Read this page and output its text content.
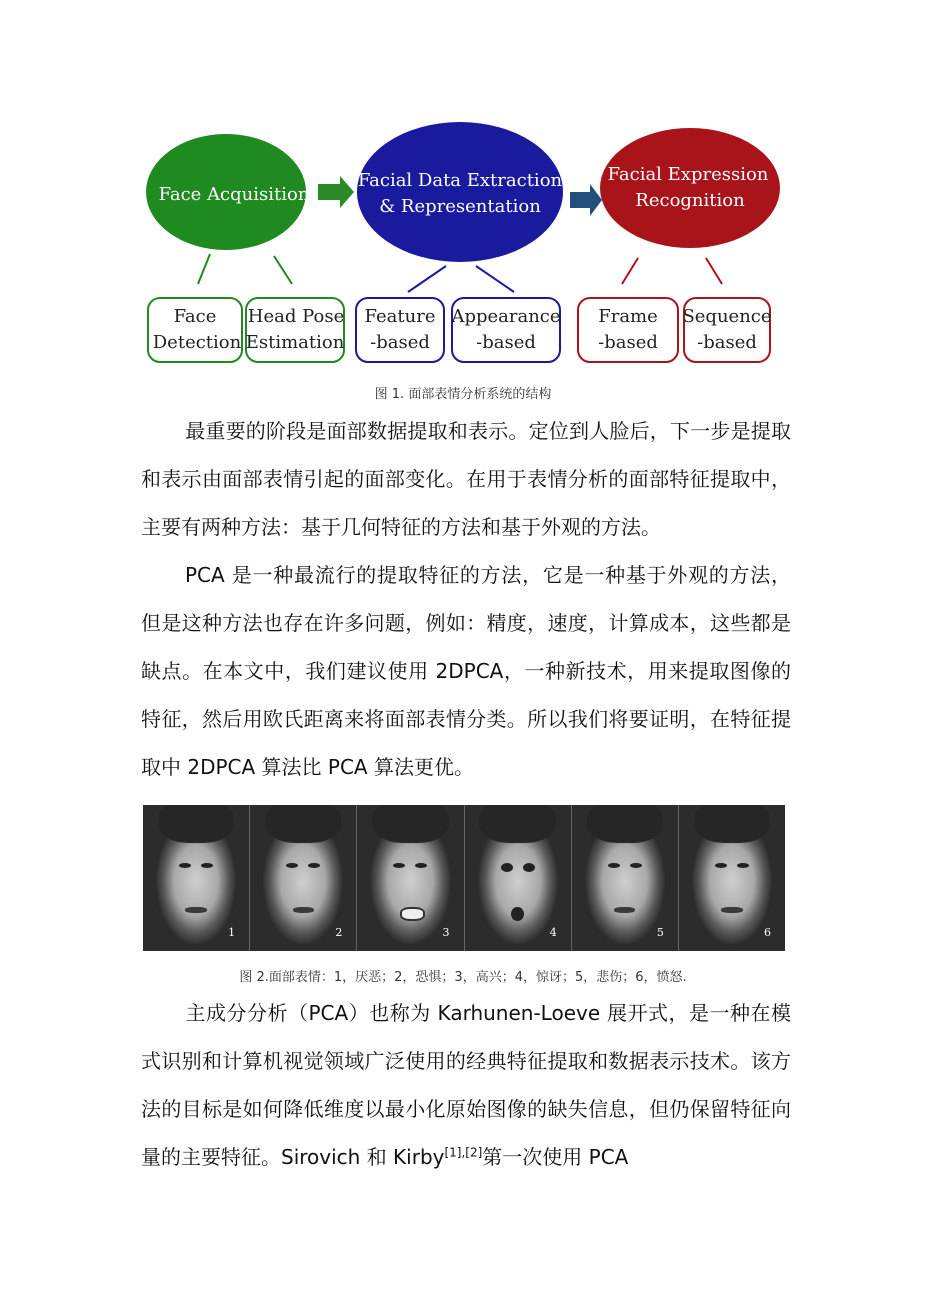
Face Acquisition
Facial Data Extraction
& Representation
Facial Expression
Recognition
Face
Detection
Head Pose
Estimation
Feature
-based
Appearance
-based
Frame
-based
Sequence
-based
图 1. 面部表情分析系统的结构

最重要的阶段是面部数据提取和表示。定位到人脸后，下一步是提取和表示由面部表情引起的面部变化。在用于表情分析的面部特征提取中，主要有两种方法：基于几何特征的方法和基于外观的方法。

PCA 是一种最流行的提取特征的方法，它是一种基于外观的方法，但是这种方法也存在许多问题，例如：精度，速度，计算成本，这些都是缺点。在本文中，我们建议使用 2DPCA，一种新技术，用来提取图像的特征，然后用欧氏距离来将面部表情分类。所以我们将要证明，在特征提取中 2DPCA 算法比 PCA 算法更优。

1	2	3	4	5	6
图 2.面部表情：1，厌恶；2，恐惧；3，高兴；4，惊讶；5，悲伤；6，愤怒.

主成分分析（PCA）也称为 Karhunen-Loeve 展开式，是一种在模式识别和计算机视觉领域广泛使用的经典特征提取和数据表示技术。该方法的目标是如何降低维度以最小化原始图像的缺失信息，但仍保留特征向量的主要特征。Sirovich 和 Kirby[1],[2]第一次使用 PCA
